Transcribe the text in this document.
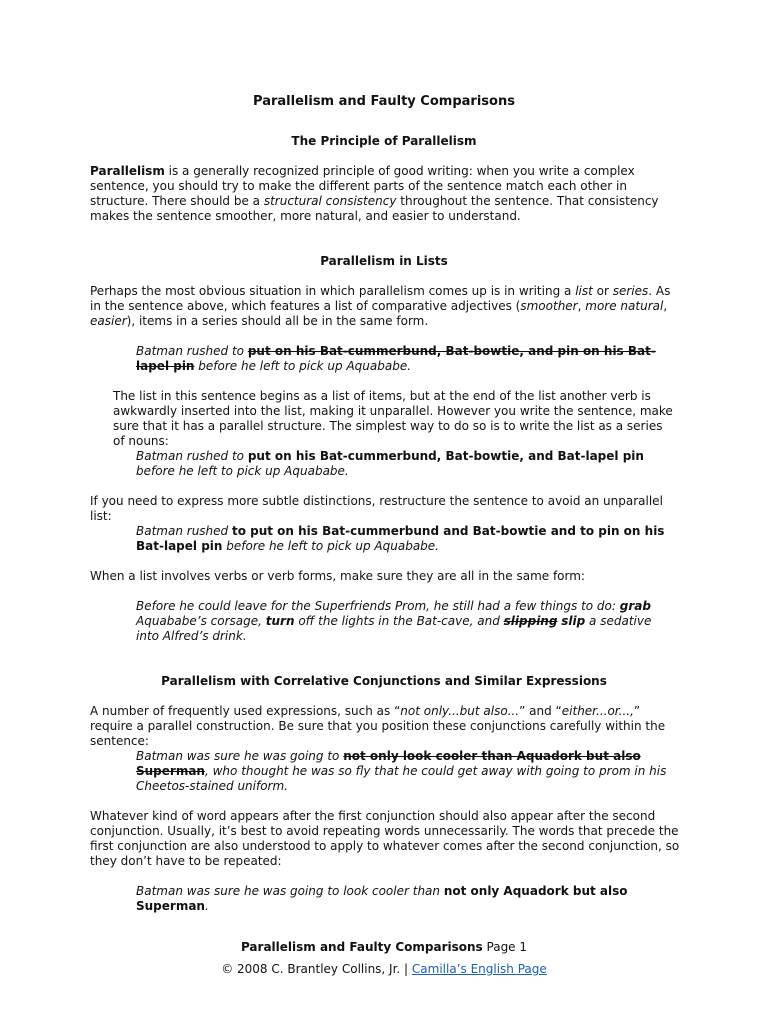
Parallelism and Faulty Comparisons
The Principle of Parallelism

Parallelism is a generally recognized principle of good writing: when you write a complex sentence, you should try to make the different parts of the sentence match each other in structure. There should be a structural consistency throughout the sentence. That consistency makes the sentence smoother, more natural, and easier to understand.

Parallelism in Lists

Perhaps the most obvious situation in which parallelism comes up is in writing a list or series. As in the sentence above, which features a list of comparative adjectives (smoother, more natural, easier), items in a series should all be in the same form.

Batman rushed to put on his Bat-cummerbund, Bat-bowtie, and pin on his Bat-lapel pin before he left to pick up Aquababe.

The list in this sentence begins as a list of items, but at the end of the list another verb is awkwardly inserted into the list, making it unparallel. However you write the sentence, make sure that it has a parallel structure. The simplest way to do so is to write the list as a series of nouns:

Batman rushed to put on his Bat-cummerbund, Bat-bowtie, and Bat-lapel pin before he left to pick up Aquababe.

If you need to express more subtle distinctions, restructure the sentence to avoid an unparallel list:

Batman rushed to put on his Bat-cummerbund and Bat-bowtie and to pin on his Bat-lapel pin before he left to pick up Aquababe.

When a list involves verbs or verb forms, make sure they are all in the same form:

Before he could leave for the Superfriends Prom, he still had a few things to do: grab Aquababe’s corsage, turn off the lights in the Bat-cave, and slipping slip a sedative into Alfred’s drink.

Parallelism with Correlative Conjunctions and Similar Expressions

A number of frequently used expressions, such as “not only...but also...” and “either...or...,” require a parallel construction. Be sure that you position these conjunctions carefully within the sentence:

Batman was sure he was going to not only look cooler than Aquadork but also Superman, who thought he was so fly that he could get away with going to prom in his Cheetos-stained uniform.

Whatever kind of word appears after the first conjunction should also appear after the second conjunction. Usually, it’s best to avoid repeating words unnecessarily. The words that precede the first conjunction are also understood to apply to whatever comes after the second conjunction, so they don’t have to be repeated:

Batman was sure he was going to look cooler than not only Aquadork but also Superman.

Parallelism and Faulty Comparisons Page 1
© 2008 C. Brantley Collins, Jr. | Camilla’s English Page
